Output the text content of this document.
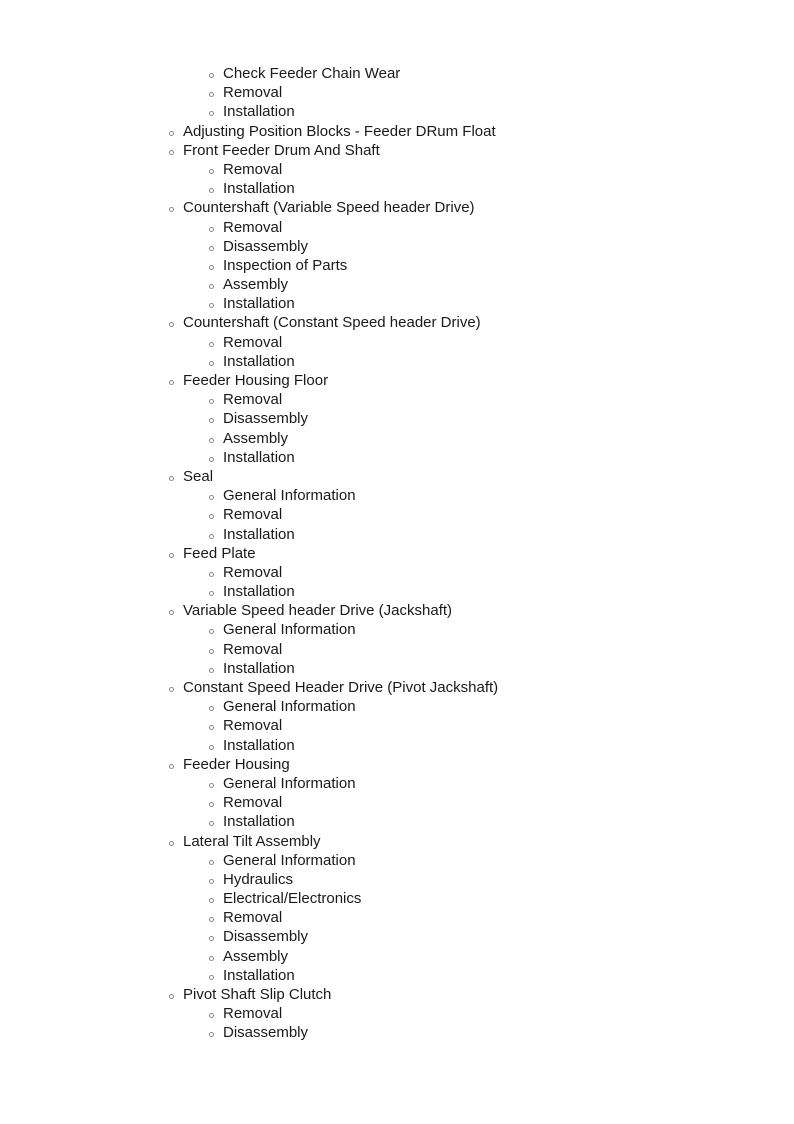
Check Feeder Chain Wear
Removal
Installation
Adjusting Position Blocks - Feeder DRum Float
Front Feeder Drum And Shaft
Removal
Installation
Countershaft (Variable Speed header Drive)
Removal
Disassembly
Inspection of Parts
Assembly
Installation
Countershaft (Constant Speed header Drive)
Removal
Installation
Feeder Housing Floor
Removal
Disassembly
Assembly
Installation
Seal
General Information
Removal
Installation
Feed Plate
Removal
Installation
Variable Speed header Drive (Jackshaft)
General Information
Removal
Installation
Constant Speed Header Drive (Pivot Jackshaft)
General Information
Removal
Installation
Feeder Housing
General Information
Removal
Installation
Lateral Tilt Assembly
General Information
Hydraulics
Electrical/Electronics
Removal
Disassembly
Assembly
Installation
Pivot Shaft Slip Clutch
Removal
Disassembly
